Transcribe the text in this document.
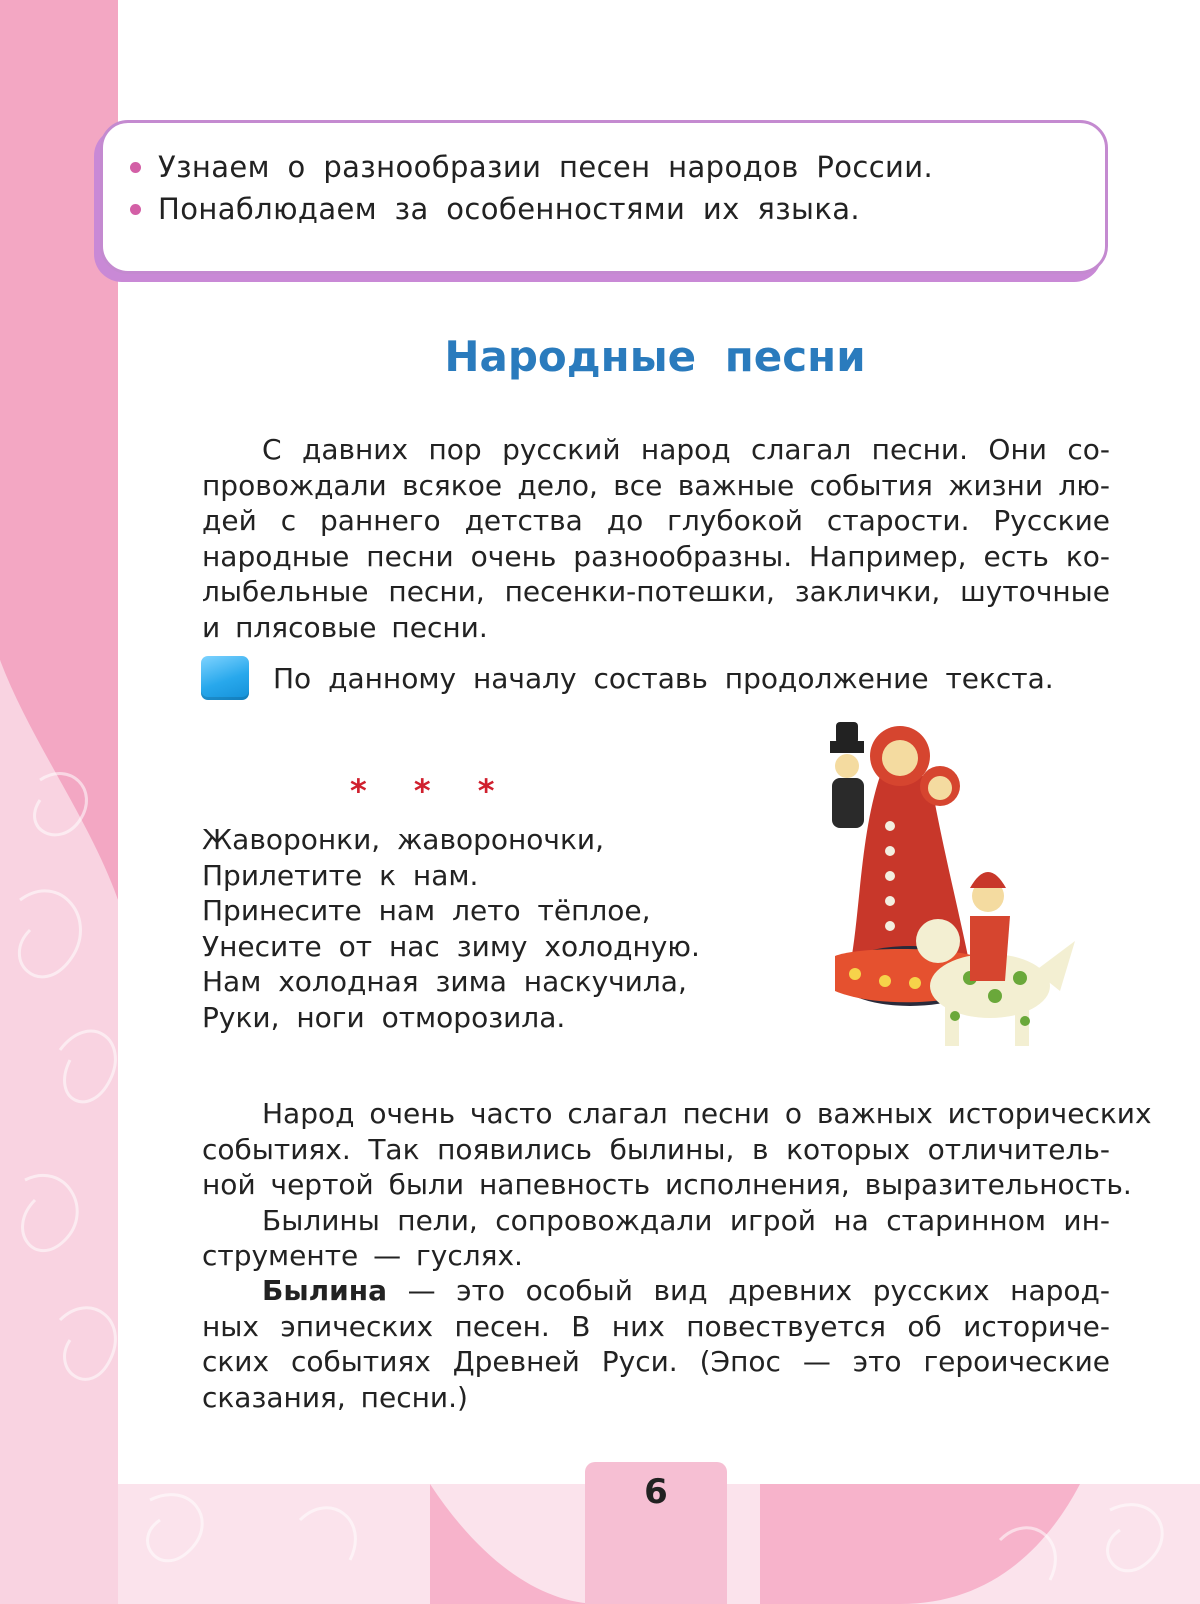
Узнаем о разнообразии песен народов России.
Понаблюдаем за особенностями их языка.
Народные песни
С давних пор русский народ слагал песни. Они со-
провождали всякое дело, все важные события жизни лю-
дей с раннего детства до глубокой старости. Русские
народные песни очень разнообразны. Например, есть ко-
лыбельные песни, песенки-потешки, заклички, шуточные
и плясовые песни.
По данному началу составь продолжение текста.
* * *
Жаворонки, жавороночки,
Прилетите к нам.
Принесите нам лето тёплое,
Унесите от нас зиму холодную.
Нам холодная зима наскучила,
Руки, ноги отморозила.
Народ очень часто слагал песни о важных исторических
событиях. Так появились былины, в которых отличитель-
ной чертой были напевность исполнения, выразительность.
Былины пели, сопровождали игрой на старинном ин-
струменте — гуслях.
Былина — это особый вид древних русских народ-
ных эпических песен. В них повествуется об историче-
ских событиях Древней Руси. (Эпос — это героические
сказания, песни.)
6
